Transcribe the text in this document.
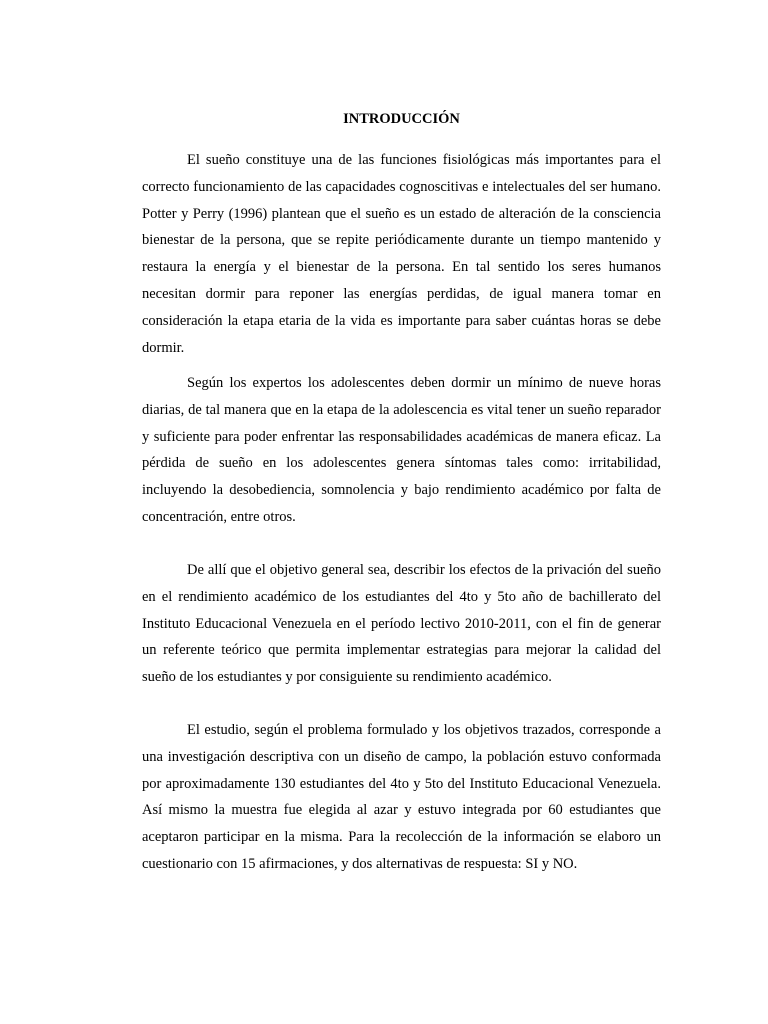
INTRODUCCIÓN

El sueño constituye una de las funciones fisiológicas más importantes para el correcto funcionamiento de las capacidades cognoscitivas e intelectuales del ser humano. Potter y Perry (1996) plantean que el sueño es un estado de alteración de la consciencia bienestar de la persona, que se repite periódicamente durante un tiempo mantenido y restaura la energía y el bienestar de la persona. En tal sentido los seres humanos necesitan dormir para reponer las energías perdidas, de igual manera tomar en consideración la etapa etaria de la vida es importante para saber cuántas horas se debe dormir.

Según los expertos los adolescentes deben dormir un mínimo de nueve horas diarias, de tal manera que en la etapa de la adolescencia es vital tener un sueño reparador y suficiente para poder enfrentar las responsabilidades académicas de manera eficaz. La pérdida de sueño en los adolescentes genera síntomas tales como: irritabilidad, incluyendo la desobediencia, somnolencia y bajo rendimiento académico por falta de concentración, entre otros.

De allí que el objetivo general sea, describir los efectos de la privación del sueño en el rendimiento académico de los estudiantes del 4to y 5to año de bachillerato del Instituto Educacional Venezuela en el período lectivo 2010-2011, con el fin de generar un referente teórico que permita implementar estrategias para mejorar la calidad del sueño de los estudiantes y por consiguiente su rendimiento académico.

El estudio, según el problema formulado y los objetivos trazados, corresponde a una investigación descriptiva con un diseño de campo, la población estuvo conformada por aproximadamente 130 estudiantes del 4to y 5to del Instituto Educacional Venezuela. Así mismo la muestra fue elegida al azar y estuvo integrada por 60 estudiantes que aceptaron participar en la misma. Para la recolección de la información se elaboro un cuestionario con 15 afirmaciones, y dos alternativas de respuesta: SI y NO.
